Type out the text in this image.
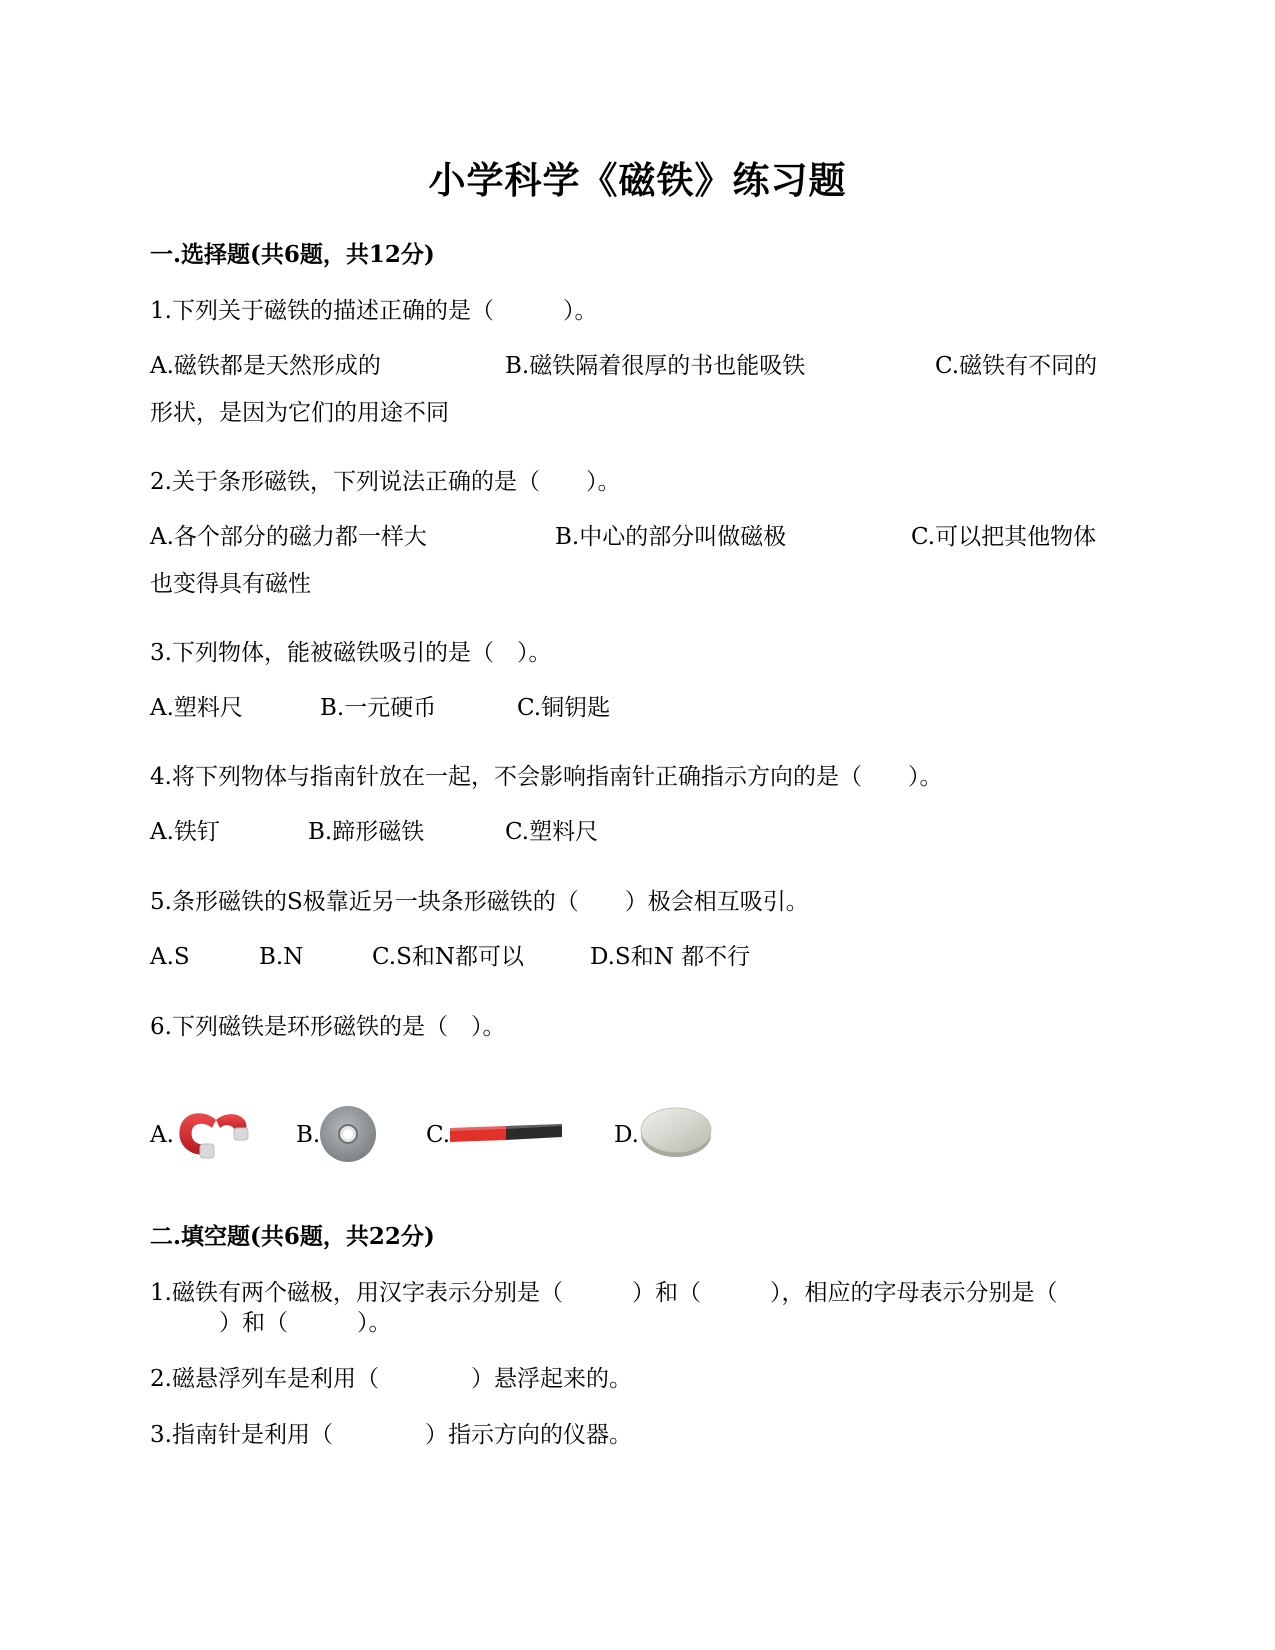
小学科学《磁铁》练习题
一.选择题(共6题，共12分)
1.下列关于磁铁的描述正确的是（　　　）。
A.磁铁都是天然形成的	B.磁铁隔着很厚的书也能吸铁	C.磁铁有不同的
形状，是因为它们的用途不同
2.关于条形磁铁，下列说法正确的是（　　）。
A.各个部分的磁力都一样大	B.中心的部分叫做磁极	C.可以把其他物体
也变得具有磁性
3.下列物体，能被磁铁吸引的是（　）。
A.塑料尺	B.一元硬币	C.铜钥匙
4.将下列物体与指南针放在一起，不会影响指南针正确指示方向的是（　　）。
A.铁钉	B.蹄形磁铁	C.塑料尺
5.条形磁铁的S极靠近另一块条形磁铁的（　　）极会相互吸引。
A.S	B.N	C.S和N都可以	D.S和N 都不行
6.下列磁铁是环形磁铁的是（　）。
A.	B.	C.	D.
二.填空题(共6题，共22分)
1.磁铁有两个磁极，用汉字表示分别是（　　　）和（　　　），相应的字母表示分别是（
　　　）和（　　　）。
2.磁悬浮列车是利用（　　　　）悬浮起来的。
3.指南针是利用（　　　　）指示方向的仪器。
